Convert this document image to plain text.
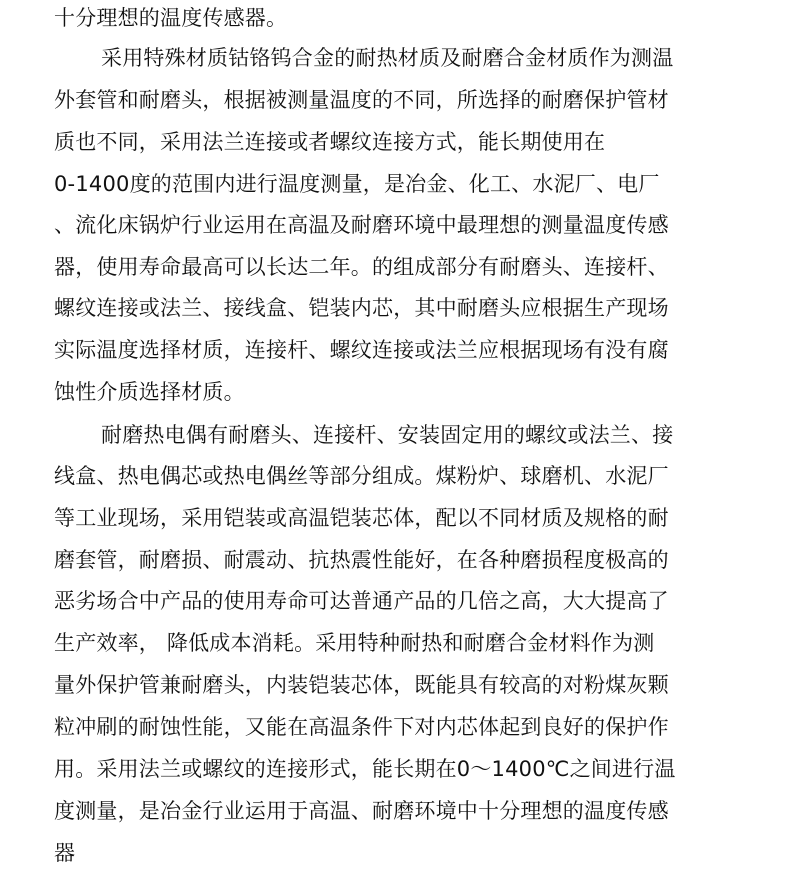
十分理想的温度传感器。
采用特殊材质钴铬钨合金的耐热材质及耐磨合金材质作为测温
外套管和耐磨头，根据被测量温度的不同，所选择的耐磨保护管材
质也不同，采用法兰连接或者螺纹连接方式，能长期使用在
0-1400度的范围内进行温度测量，是冶金、化工、水泥厂、电厂
、流化床锅炉行业运用在高温及耐磨环境中最理想的测量温度传感
器，使用寿命最高可以长达二年。的组成部分有耐磨头、连接杆、
螺纹连接或法兰、接线盒、铠装内芯，其中耐磨头应根据生产现场
实际温度选择材质，连接杆、螺纹连接或法兰应根据现场有没有腐
蚀性介质选择材质。
耐磨热电偶有耐磨头、连接杆、安装固定用的螺纹或法兰、接
线盒、热电偶芯或热电偶丝等部分组成。煤粉炉、球磨机、水泥厂
等工业现场，采用铠装或高温铠装芯体，配以不同材质及规格的耐
磨套管，耐磨损、耐震动、抗热震性能好，在各种磨损程度极高的
恶劣场合中产品的使用寿命可达普通产品的几倍之高，大大提高了
生产效率， 降低成本消耗。采用特种耐热和耐磨合金材料作为测
量外保护管兼耐磨头，内装铠装芯体，既能具有较高的对粉煤灰颗
粒冲刷的耐蚀性能，又能在高温条件下对内芯体起到良好的保护作
用。采用法兰或螺纹的连接形式，能长期在0～1400℃之间进行温
度测量，是冶金行业运用于高温、耐磨环境中十分理想的温度传感
器
